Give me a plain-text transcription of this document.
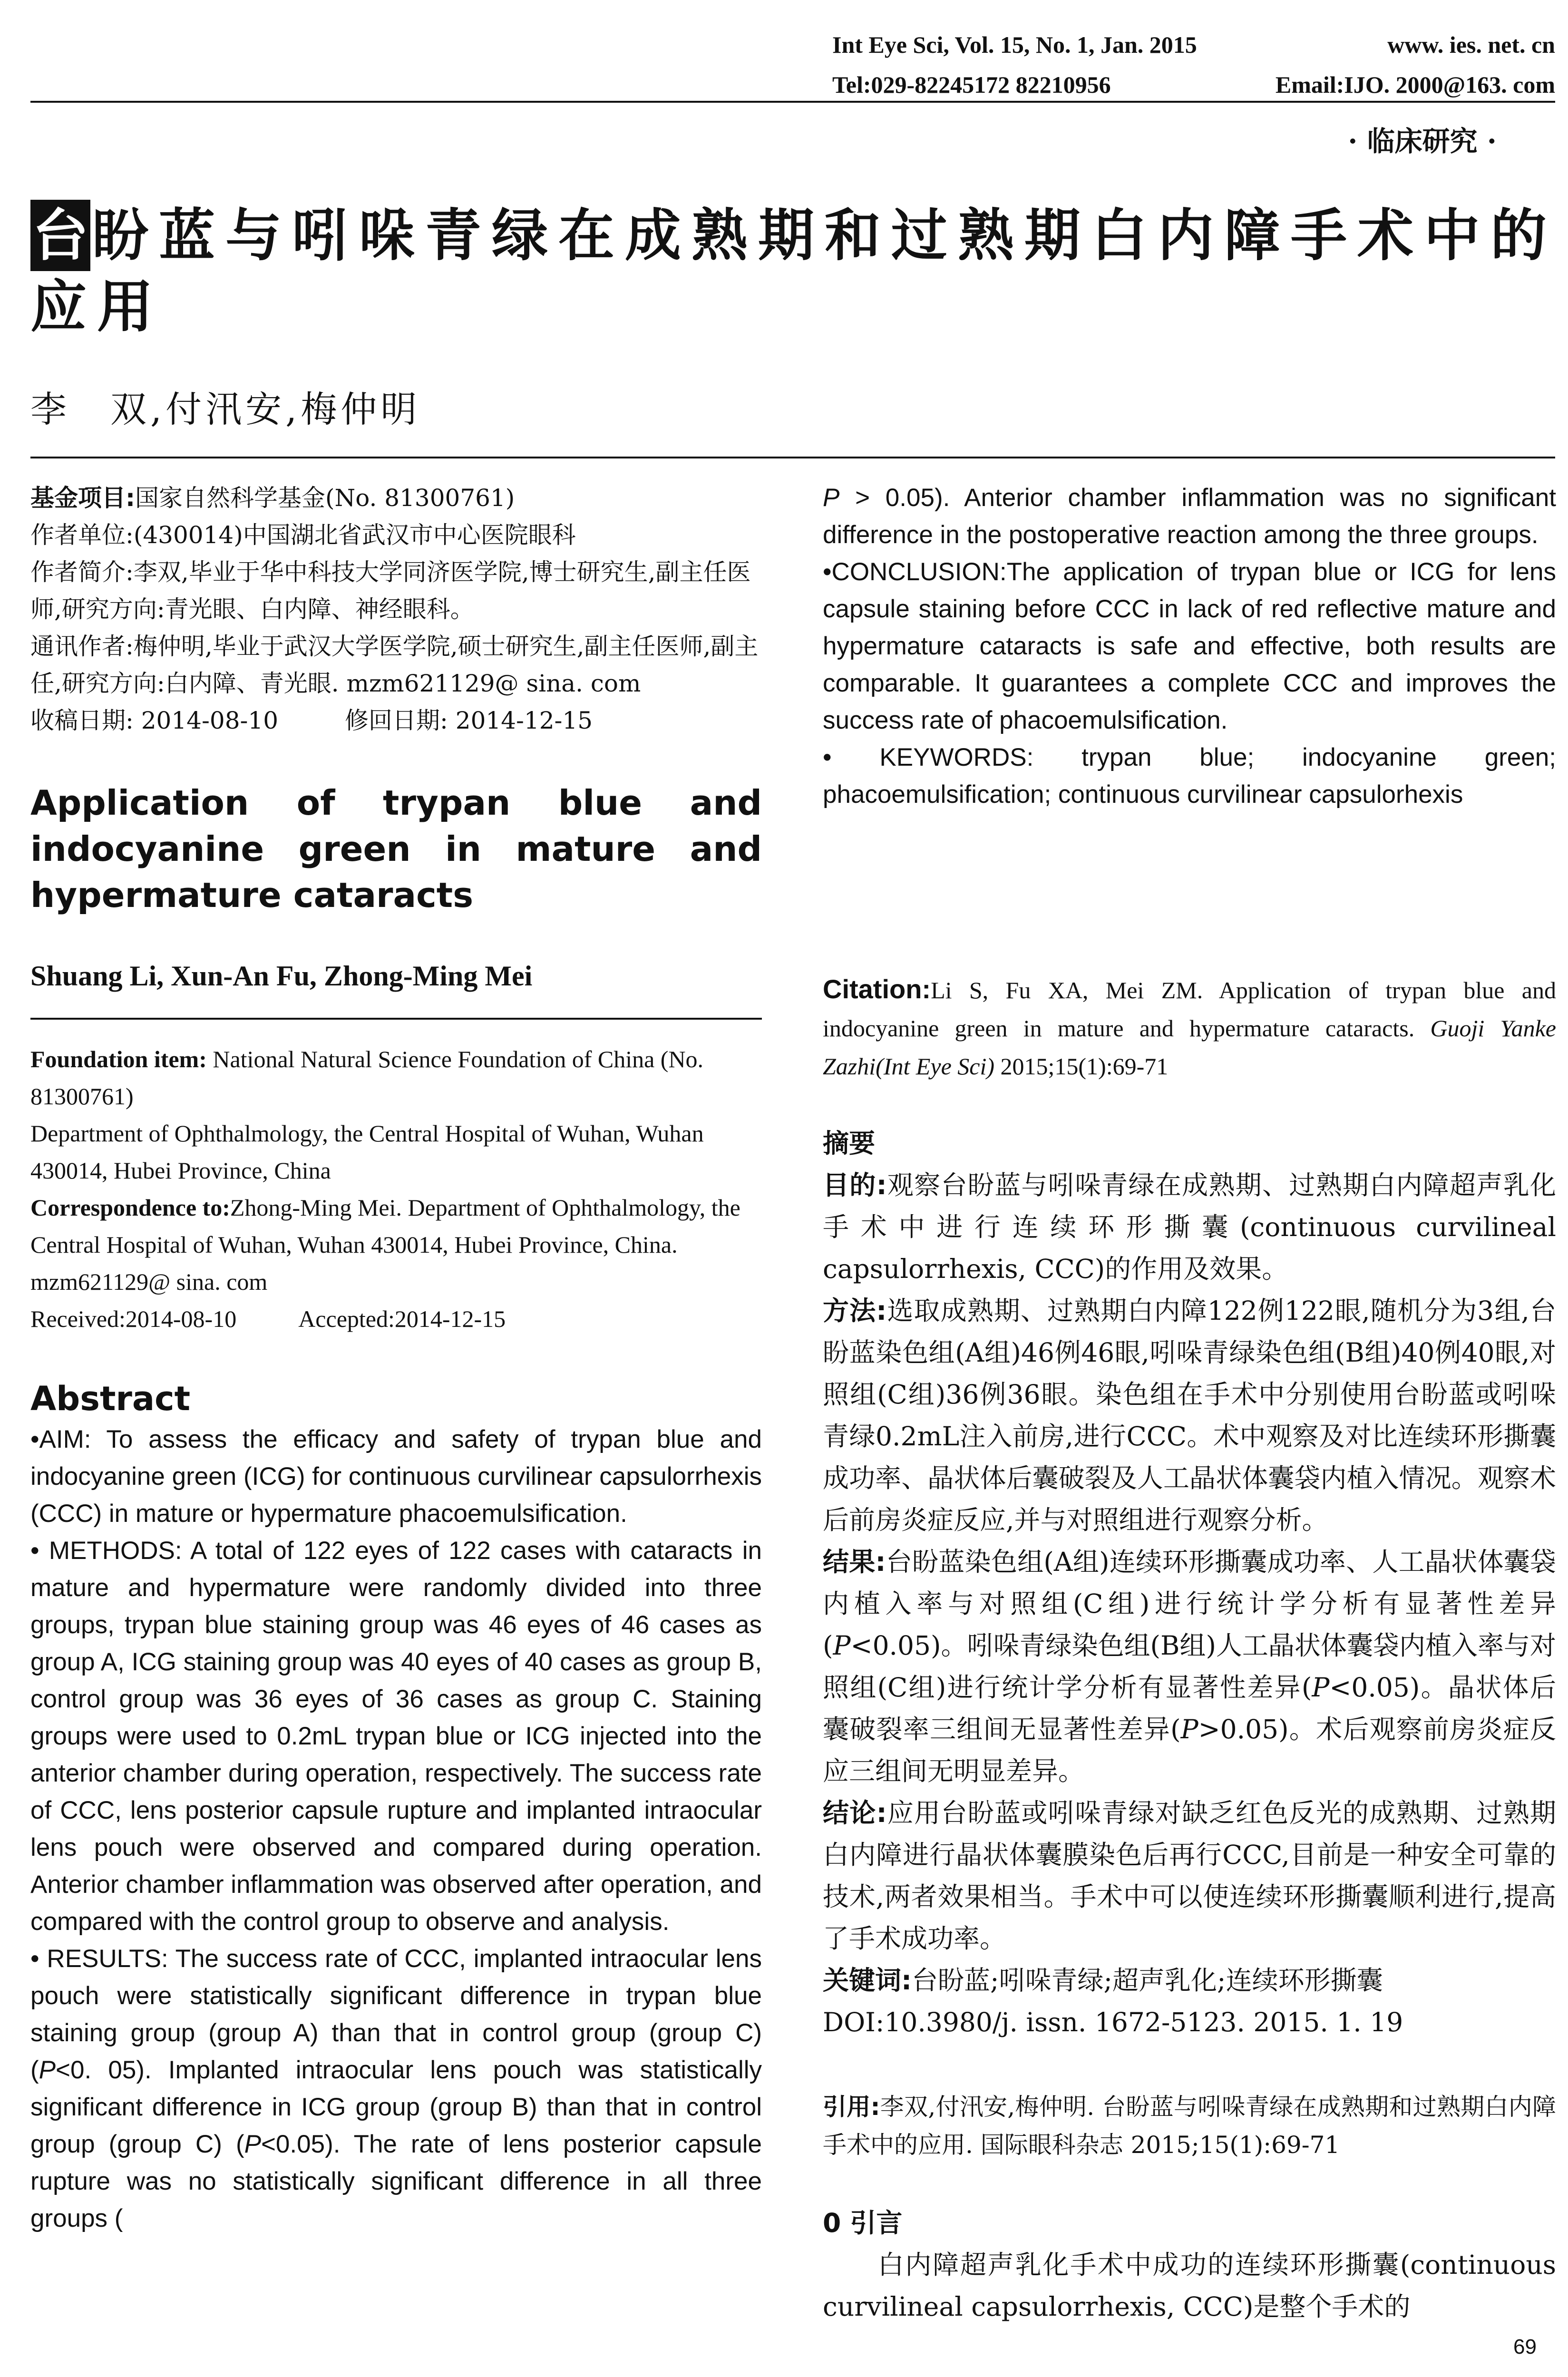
Int Eye Sci, Vol. 15, No. 1, Jan. 2015	www. ies. net. cn
Tel:029-82245172 82210956	Email:IJO. 2000@163. com
· 临床研究 ·
台盼蓝与吲哚青绿在成熟期和过熟期白内障手术中的应用
李　双,付汛安,梅仲明
基金项目:国家自然科学基金(No. 81300761)
作者单位:(430014)中国湖北省武汉市中心医院眼科
作者简介:李双,毕业于华中科技大学同济医学院,博士研究生,副主任医师,研究方向:青光眼、白内障、神经眼科。
通讯作者:梅仲明,毕业于武汉大学医学院,硕士研究生,副主任医师,副主任,研究方向:白内障、青光眼. mzm621129@ sina. com
收稿日期: 2014-08-10	修回日期: 2014-12-15
Application of trypan blue and indocyanine green in mature and hypermature cataracts
Shuang Li, Xun-An Fu, Zhong-Ming Mei
Foundation item: National Natural Science Foundation of China (No. 81300761)
Department of Ophthalmology, the Central Hospital of Wuhan, Wuhan 430014, Hubei Province, China
Correspondence to:Zhong-Ming Mei. Department of Ophthalmology, the Central Hospital of Wuhan, Wuhan 430014, Hubei Province, China. mzm621129@ sina. com
Received:2014-08-10	Accepted:2014-12-15
Abstract

•AIM: To assess the efficacy and safety of trypan blue and indocyanine green (ICG) for continuous curvilinear capsulorrhexis (CCC) in mature or hypermature phacoemulsification.

• METHODS: A total of 122 eyes of 122 cases with cataracts in mature and hypermature were randomly divided into three groups, trypan blue staining group was 46 eyes of 46 cases as group A, ICG staining group was 40 eyes of 40 cases as group B, control group was 36 eyes of 36 cases as group C. Staining groups were used to 0.2mL trypan blue or ICG injected into the anterior chamber during operation, respectively. The success rate of CCC, lens posterior capsule rupture and implanted intraocular lens pouch were observed and compared during operation. Anterior chamber inflammation was observed after operation, and compared with the control group to observe and analysis.

• RESULTS: The success rate of CCC, implanted intraocular lens pouch were statistically significant difference in trypan blue staining group (group A) than that in control group (group C) (P<0. 05). Implanted intraocular lens pouch was statistically significant difference in ICG group (group B) than that in control group (group C) (P<0.05). The rate of lens posterior capsule rupture was no statistically significant difference in all three groups (

P > 0.05). Anterior chamber inflammation was no significant difference in the postoperative reaction among the three groups.

•CONCLUSION:The application of trypan blue or ICG for lens capsule staining before CCC in lack of red reflective mature and hypermature cataracts is safe and effective, both results are comparable. It guarantees a complete CCC and improves the success rate of phacoemulsification.

• KEYWORDS: trypan blue; indocyanine green; phacoemulsification; continuous curvilinear capsulorhexis

Citation:Li S, Fu XA, Mei ZM. Application of trypan blue and indocyanine green in mature and hypermature cataracts. Guoji Yanke Zazhi(Int Eye Sci) 2015;15(1):69-71

摘要

目的:观察台盼蓝与吲哚青绿在成熟期、过熟期白内障超声乳化手术中进行连续环形撕囊(continuous curvilineal capsulorrhexis, CCC)的作用及效果。

方法:选取成熟期、过熟期白内障122例122眼,随机分为3组,台盼蓝染色组(A组)46例46眼,吲哚青绿染色组(B组)40例40眼,对照组(C组)36例36眼。染色组在手术中分别使用台盼蓝或吲哚青绿0.2mL注入前房,进行CCC。术中观察及对比连续环形撕囊成功率、晶状体后囊破裂及人工晶状体囊袋内植入情况。观察术后前房炎症反应,并与对照组进行观察分析。

结果:台盼蓝染色组(A组)连续环形撕囊成功率、人工晶状体囊袋内植入率与对照组(C组)进行统计学分析有显著性差异(P<0.05)。吲哚青绿染色组(B组)人工晶状体囊袋内植入率与对照组(C组)进行统计学分析有显著性差异(P<0.05)。晶状体后囊破裂率三组间无显著性差异(P>0.05)。术后观察前房炎症反应三组间无明显差异。

结论:应用台盼蓝或吲哚青绿对缺乏红色反光的成熟期、过熟期白内障进行晶状体囊膜染色后再行CCC,目前是一种安全可靠的技术,两者效果相当。手术中可以使连续环形撕囊顺利进行,提高了手术成功率。

关键词:台盼蓝;吲哚青绿;超声乳化;连续环形撕囊

DOI:10.3980/j. issn. 1672-5123. 2015. 1. 19

引用:李双,付汛安,梅仲明. 台盼蓝与吲哚青绿在成熟期和过熟期白内障手术中的应用. 国际眼科杂志 2015;15(1):69-71

0 引言

　　白内障超声乳化手术中成功的连续环形撕囊(continuous curvilineal capsulorrhexis, CCC)是整个手术的

69
